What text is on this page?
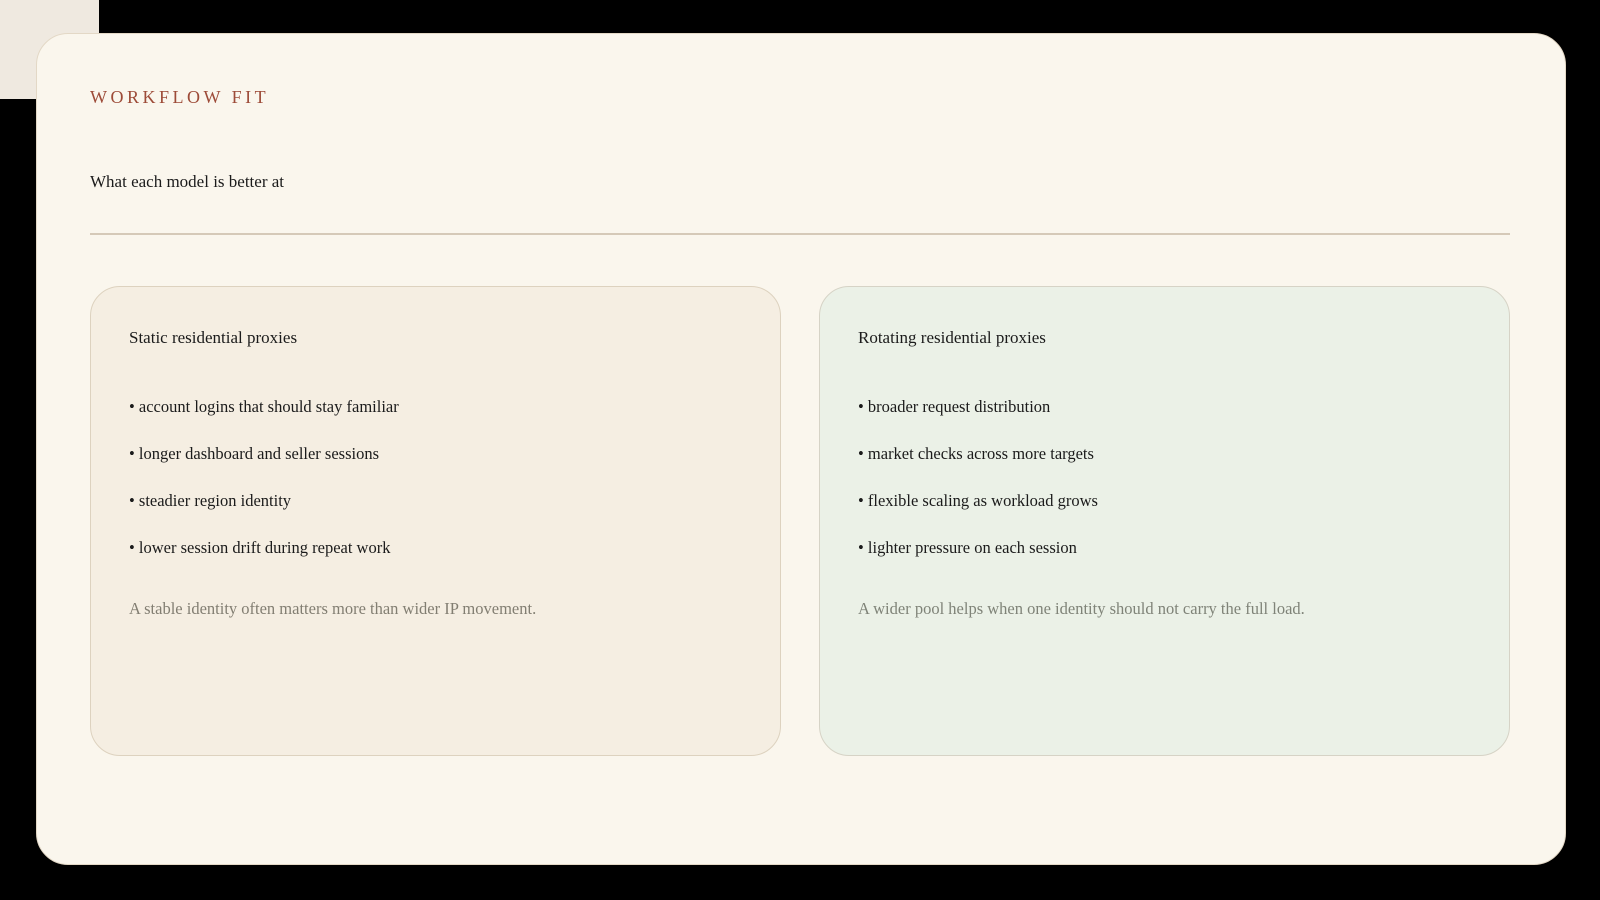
WORKFLOW FIT
What each model is better at
Static residential proxies
• account logins that should stay familiar
• longer dashboard and seller sessions
• steadier region identity
• lower session drift during repeat work
A stable identity often matters more than wider IP movement.
Rotating residential proxies
• broader request distribution
• market checks across more targets
• flexible scaling as workload grows
• lighter pressure on each session
A wider pool helps when one identity should not carry the full load.
